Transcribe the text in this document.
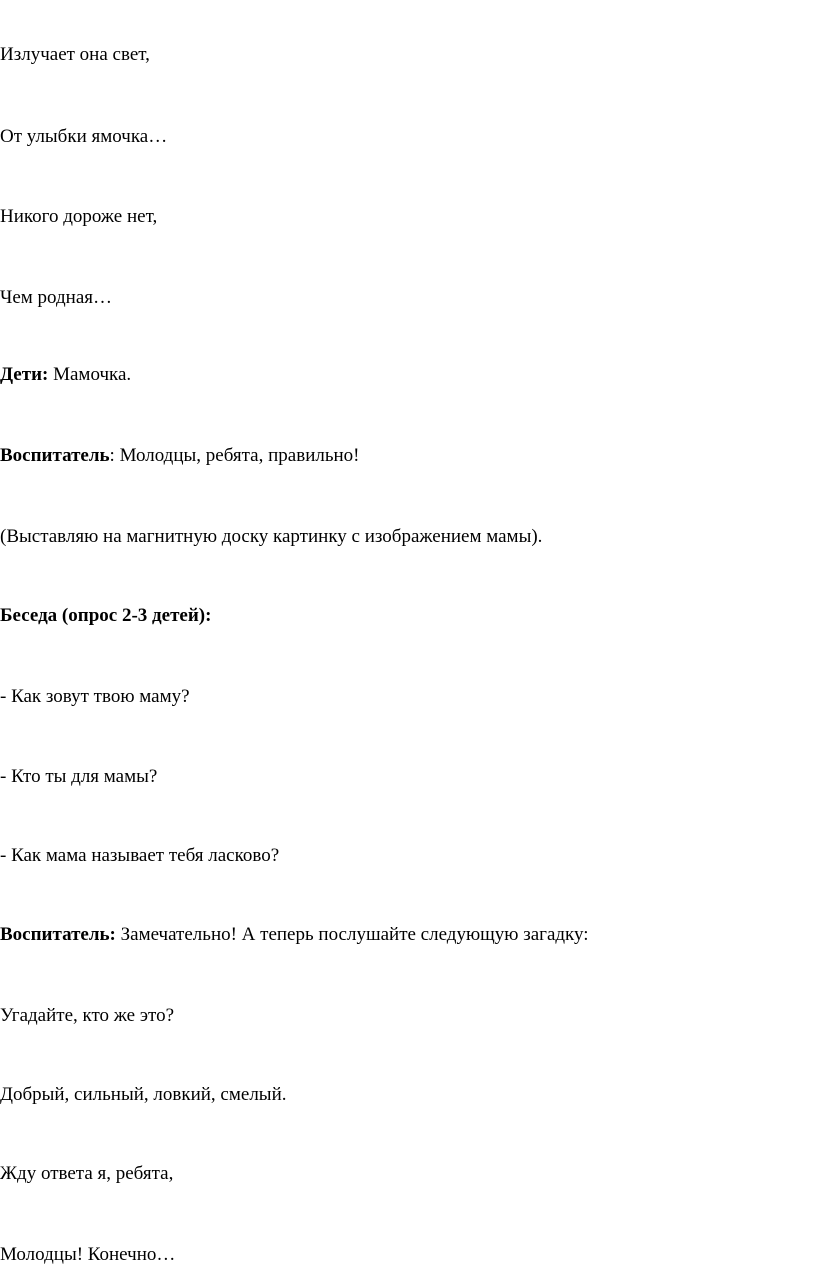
Излучает она свет,

От улыбки ямочка…

Никого дороже нет,

Чем родная…

Дети: Мамочка.

Воспитатель: Молодцы, ребята, правильно!

(Выставляю на магнитную доску картинку с изображением мамы).

Беседа (опрос 2-3 детей):

- Как зовут твою маму?

- Кто ты для мамы?

- Как мама называет тебя ласково?

Воспитатель: Замечательно! А теперь послушайте следующую загадку:

Угадайте, кто же это?

Добрый, сильный, ловкий, смелый.

Жду ответа я, ребята,

Молодцы! Конечно…
